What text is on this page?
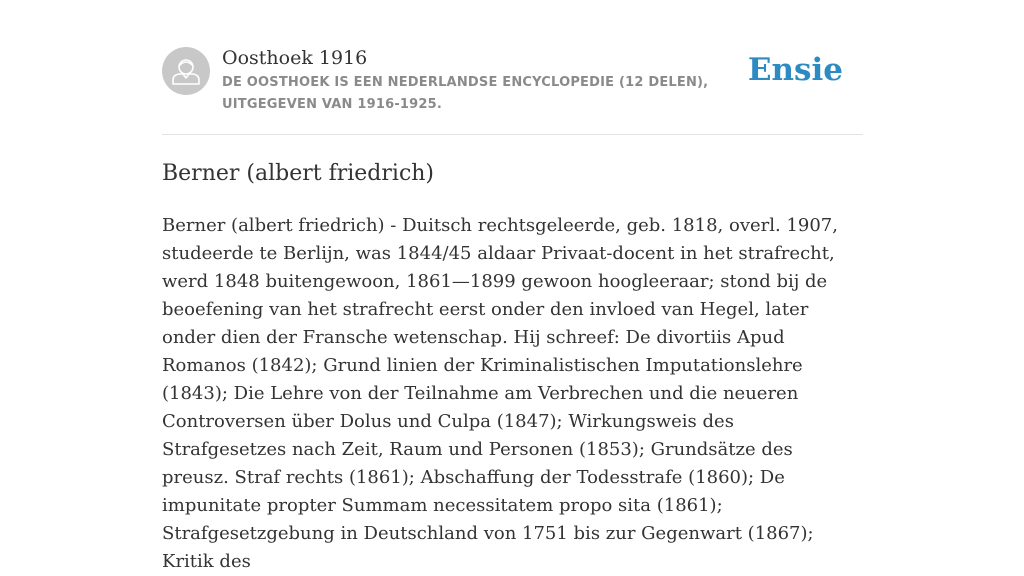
Oosthoek 1916
DE OOSTHOEK IS EEN NEDERLANDSE ENCYCLOPEDIE (12 DELEN), UITGEGEVEN VAN 1916-1925.
Ensie
Berner (albert friedrich)

Berner (albert friedrich) - Duitsch rechtsgeleerde, geb. 1818, overl. 1907, studeerde te Berlijn, was 1844/45 aldaar Privaat-docent in het strafrecht, werd 1848 buitengewoon, 1861—1899 gewoon hoogleeraar; stond bij de beoefening van het strafrecht eerst onder den invloed van Hegel, later onder dien der Fransche wetenschap. Hij schreef: De divortiis Apud Romanos (1842); Grund linien der Kriminalistischen Imputationslehre (1843); Die Lehre von der Teilnahme am Verbrechen und die neueren Controversen über Dolus und Culpa (1847); Wirkungsweis des Strafgesetzes nach Zeit, Raum und Personen (1853); Grundsätze des preusz. Straf rechts (1861); Abschaffung der Todesstrafe (1860); De impunitate propter Summam necessitatem propo sita (1861); Strafgesetzgebung in Deutschland von 1751 bis zur Gegenwart (1867); Kritik des
